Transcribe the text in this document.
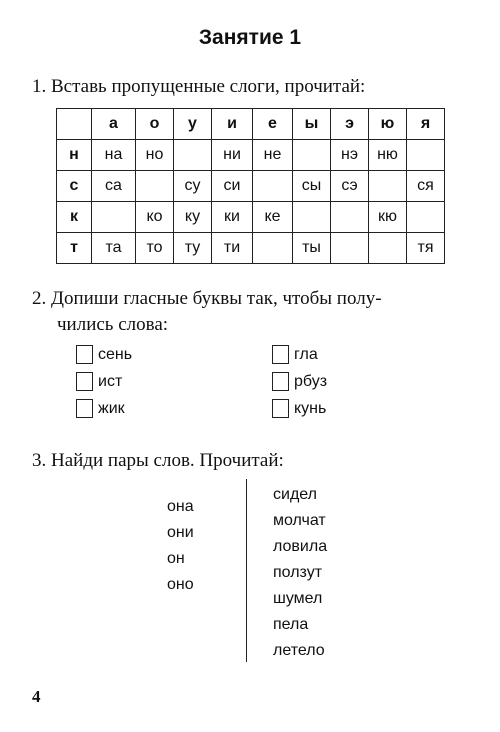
Занятие 1
1. Вставь пропущенные слоги, прочитай:
	а	о	у	и	е	ы	э	ю	я
н	на	но		ни	не		нэ	ню	
с	са		су	си		сы	сэ		ся
к		ко	ку	ки	ке			кю	
т	та	то	ту	ти		ты			тя
2. Допиши гласные буквы так, чтобы полу-
чились слова:
сень
ист
жик
гла
рбуз
кунь
3. Найди пары слов. Прочитай:
она
они
он
оно
сидел
молчат
ловила
ползут
шумел
пела
летело
4
